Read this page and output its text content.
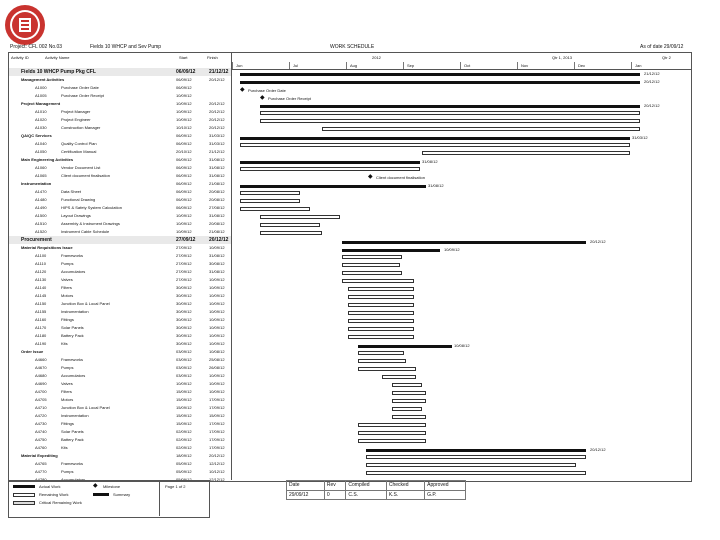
Project: CFL 002 No.03	Fields 10 WHCP and Sev Pump	WORK SCHEDULE	As of date 29/09/12
Activity ID	Activity Name	Start	Finish	2012	Qtr 1, 2013	Qtr 2
Jun	Jul	Aug	Sep	Oct	Nov	Dec	Jan
Fields 10 WHCP Pump Pkg CFL	06/09/12	21/12/12
Management Activities	06/09/12	20/12/12
A1000	Purchase Order Date	06/09/12
A1005	Purchase Order Receipt	10/09/12
Project Management	10/09/12	20/12/12
A1010	Project Manager	10/09/12	20/12/12
A1020	Project Engineer	10/09/12	20/12/12
A1030	Construction Manager	10/10/12	20/12/12
QA/QC Services	06/09/12	31/03/12
A1040	Quality Control Plan	06/09/12	31/03/12
A1050	Certification Manual	20/10/12	21/12/12
Main Engineering Activities	06/09/12	31/08/12
A1060	Vendor Document List	06/09/12	31/08/12
A1065	Client document finalisation	06/09/12	31/08/12
Instrumentation	06/09/12	21/08/12
A1470	Data Sheet	06/09/12	20/08/12
A1480	Functional Drawing	06/09/12	20/08/12
A1490	HIPS & Safety System Calculation	06/09/12	27/08/12
A1500	Layout Drawings	10/09/12	31/08/12
A1510	Assembly & Instrument Drawings	10/09/12	20/08/12
A1520	Instrument Cable Schedule	10/09/12	21/08/12
Procurement	27/09/12	20/12/12
Material Requisitions Issue	27/09/12	10/09/12
A1100	Frameworks	27/09/12	31/08/12
A1110	Pumps	27/09/12	30/08/12
A1120	Accumulators	27/09/12	31/08/12
A1130	Valves	27/09/12	10/09/12
A1140	Filters	30/09/12	10/09/12
A1145	Motors	30/09/12	10/09/12
A1150	Junction Box & Local Panel	30/09/12	10/09/12
A1155	Instrumentation	30/09/12	10/09/12
A1160	Fittings	30/09/12	10/09/12
A1170	Solar Panels	30/09/12	10/09/12
A1180	Battery Pack	30/09/12	10/09/12
A1190	Kits	30/09/12	10/09/12
Order Issue	03/09/12	10/08/12
A4660	Frameworks	03/09/12	25/08/12
A4670	Pumps	03/09/12	26/08/12
A4680	Accumulators	03/09/12	10/09/12
A4690	Valves	10/09/12	10/09/12
A4700	Filters	15/09/12	10/09/12
A4705	Motors	15/09/12	17/09/12
A4710	Junction Box & Local Panel	15/09/12	17/09/12
A4720	Instrumentation	15/09/12	15/09/12
A4730	Fittings	15/09/12	17/09/12
A4740	Solar Panels	02/09/12	17/09/12
A4750	Battery Pack	02/09/12	17/09/12
A4760	Kits	02/09/12	17/09/12
Material Expediting	18/09/12	20/12/12
A4765	Frameworks	05/09/12	12/12/12
A4770	Pumps	05/09/12	10/12/12
A4780	Accumulators	05/09/12	12/12/12
21/12/12
20/12/12
◆ Purchase Order Date
◆ Purchase Order Receipt
20/12/12
31/03/12
31/08/12
◆ Client document finalisation
31/08/12
20/12/12
10/09/12
10/08/12
20/12/12
Actual Work
Remaining Work
Critical Remaining Work
◆ Milestone
Summary
Page 1 of 2	Date	Rev	Compiled	Checked	Approved
29/09/12	0	C.S.	K.S.	G.P.
